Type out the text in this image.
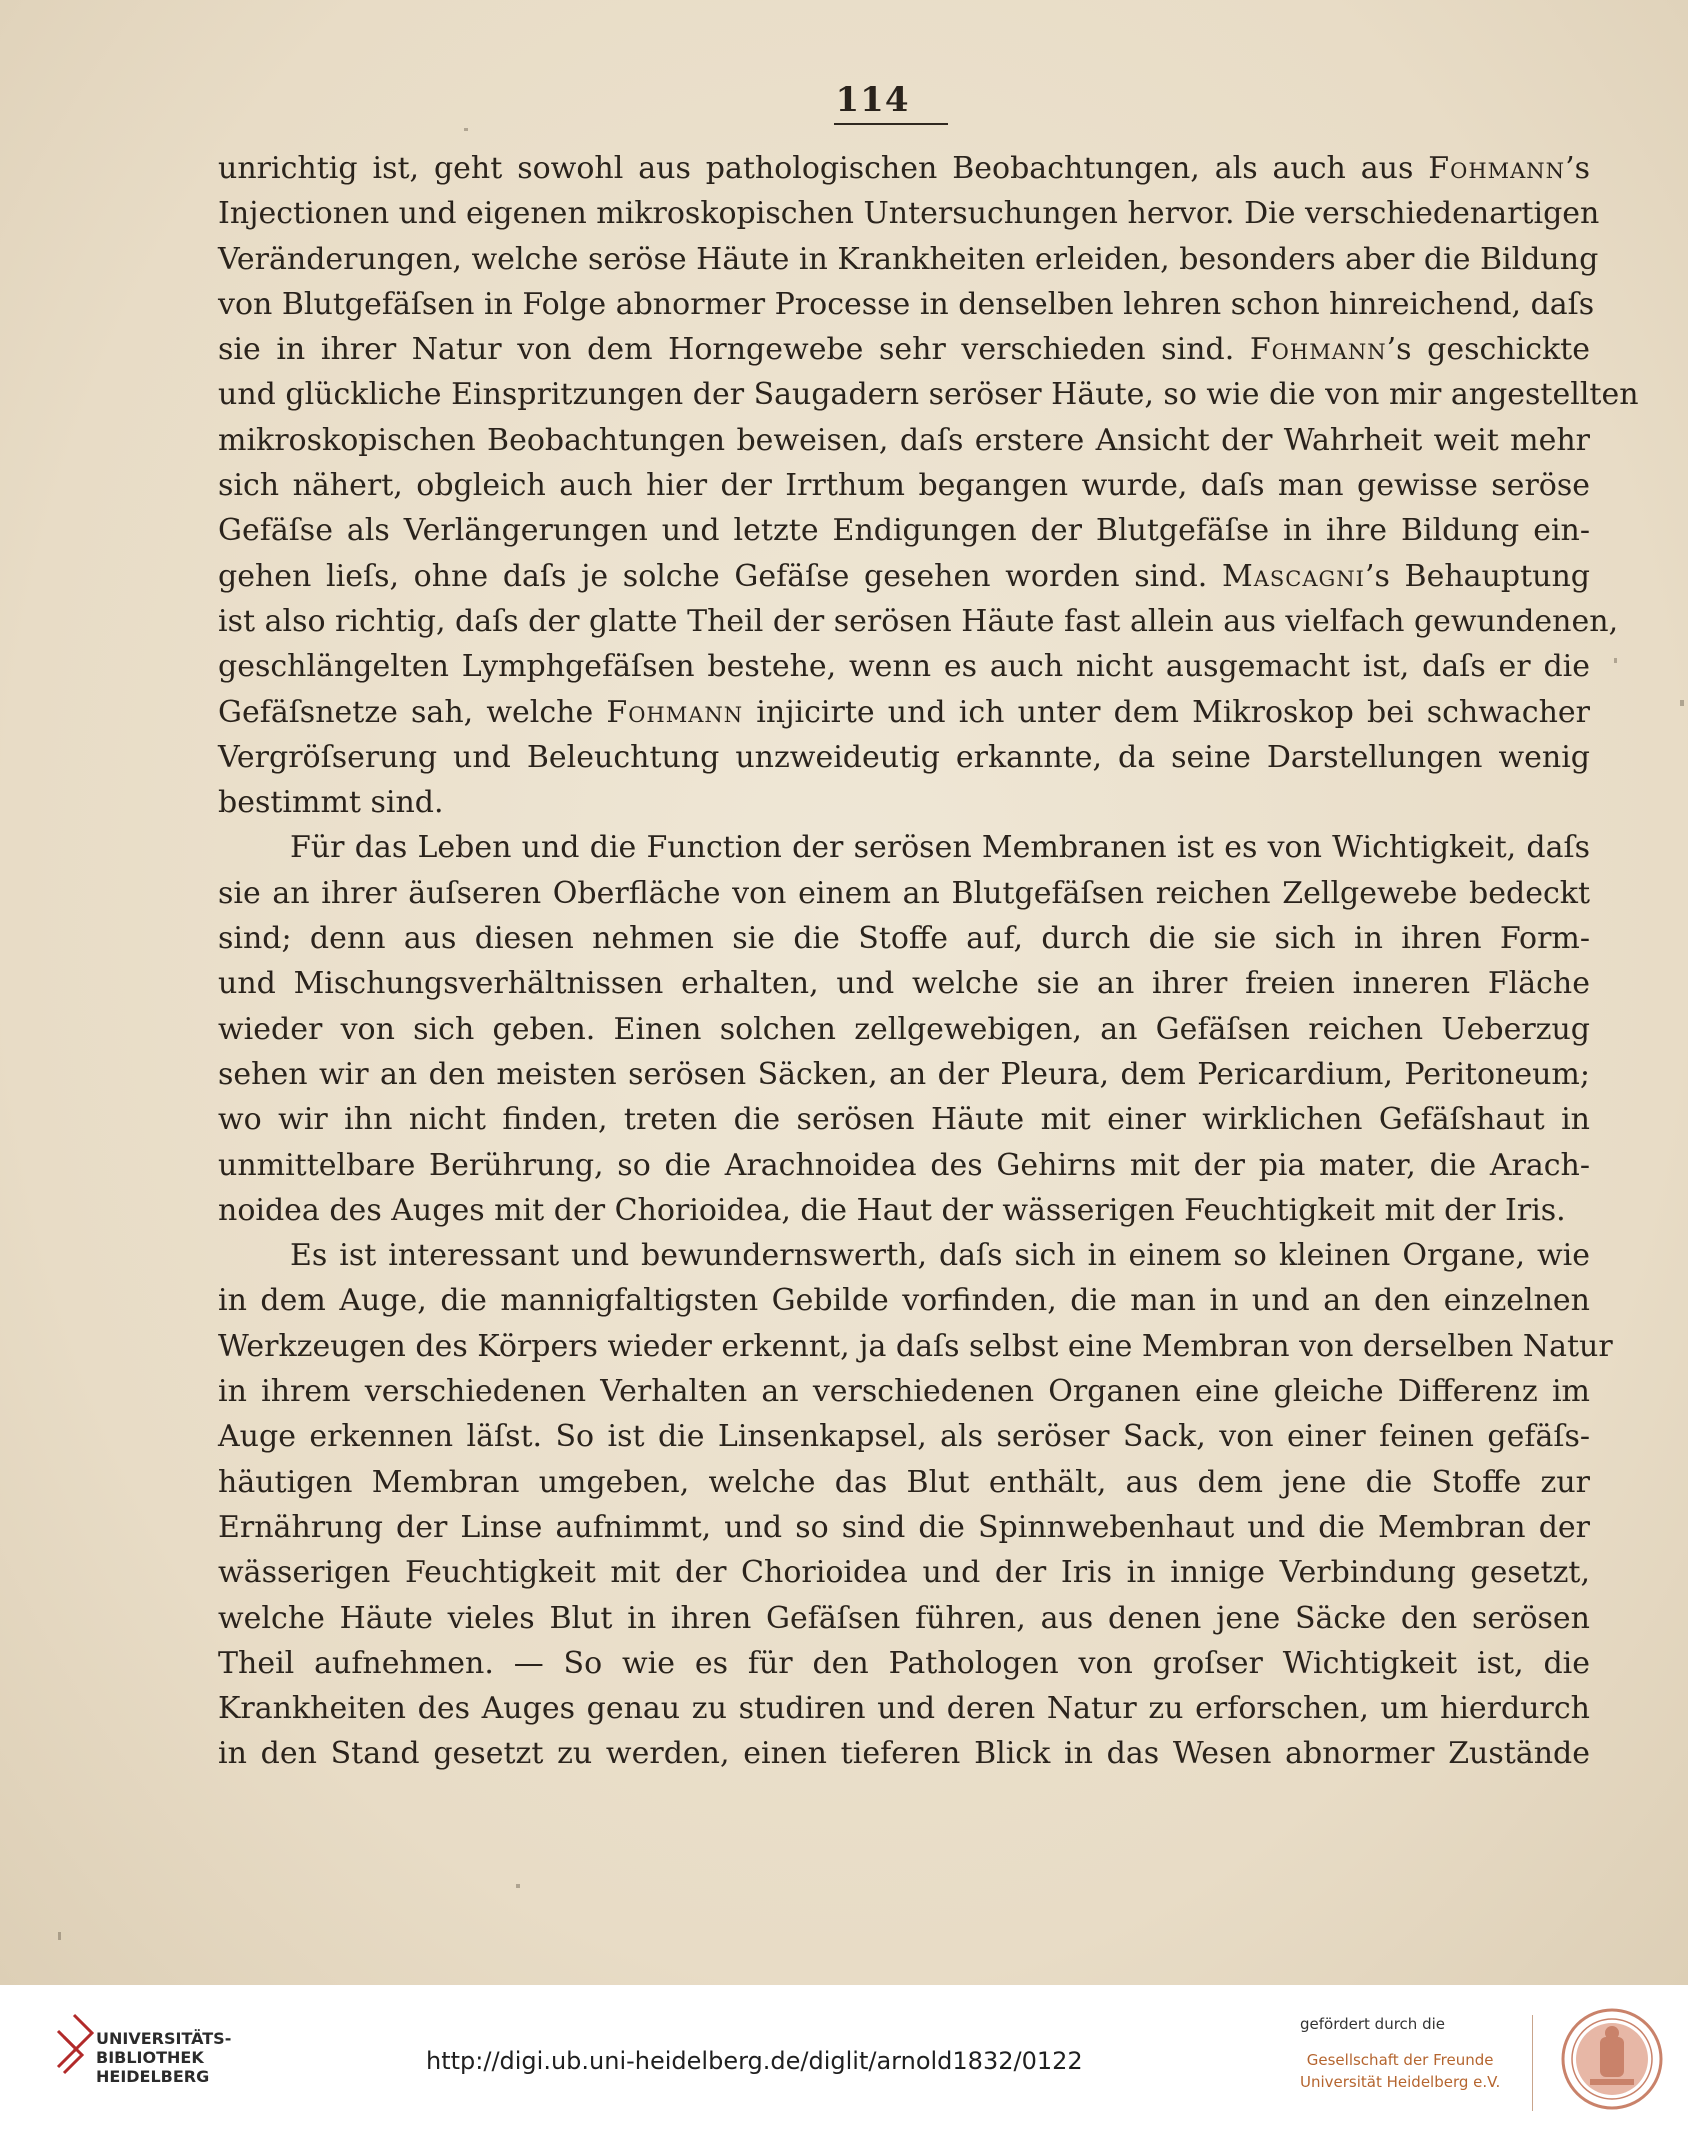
114
unrichtig ist, geht sowohl aus pathologischen Beobachtungen, als auch aus Fohmann’s
Injectionen und eigenen mikroskopischen Untersuchungen hervor. Die verschiedenartigen
Veränderungen, welche seröse Häute in Krankheiten erleiden, besonders aber die Bildung
von Blutgefäſsen in Folge abnormer Processe in denselben lehren schon hinreichend, daſs
sie in ihrer Natur von dem Horngewebe sehr verschieden sind. Fohmann’s geschickte
und glückliche Einspritzungen der Saugadern seröser Häute, so wie die von mir angestellten
mikroskopischen Beobachtungen beweisen, daſs erstere Ansicht der Wahrheit weit mehr
sich nähert, obgleich auch hier der Irrthum begangen wurde, daſs man gewisse seröse
Gefäſse als Verlängerungen und letzte Endigungen der Blutgefäſse in ihre Bildung ein-
gehen lieſs, ohne daſs je solche Gefäſse gesehen worden sind. Mascagni’s Behauptung
ist also richtig, daſs der glatte Theil der serösen Häute fast allein aus vielfach gewundenen,
geschlängelten Lymphgefäſsen bestehe, wenn es auch nicht ausgemacht ist, daſs er die
Gefäſsnetze sah, welche Fohmann injicirte und ich unter dem Mikroskop bei schwacher
Vergröſserung und Beleuchtung unzweideutig erkannte, da seine Darstellungen wenig
bestimmt sind.
Für das Leben und die Function der serösen Membranen ist es von Wichtigkeit, daſs
sie an ihrer äuſseren Oberfläche von einem an Blutgefäſsen reichen Zellgewebe bedeckt
sind; denn aus diesen nehmen sie die Stoffe auf, durch die sie sich in ihren Form-
und Mischungsverhältnissen erhalten, und welche sie an ihrer freien inneren Fläche
wieder von sich geben. Einen solchen zellgewebigen, an Gefäſsen reichen Ueberzug
sehen wir an den meisten serösen Säcken, an der Pleura, dem Pericardium, Peritoneum;
wo wir ihn nicht finden, treten die serösen Häute mit einer wirklichen Gefäſshaut in
unmittelbare Berührung, so die Arachnoidea des Gehirns mit der pia mater, die Arach-
noidea des Auges mit der Chorioidea, die Haut der wässerigen Feuchtigkeit mit der Iris.
Es ist interessant und bewundernswerth, daſs sich in einem so kleinen Organe, wie
in dem Auge, die mannigfaltigsten Gebilde vorfinden, die man in und an den einzelnen
Werkzeugen des Körpers wieder erkennt, ja daſs selbst eine Membran von derselben Natur
in ihrem verschiedenen Verhalten an verschiedenen Organen eine gleiche Differenz im
Auge erkennen läſst. So ist die Linsenkapsel, als seröser Sack, von einer feinen gefäſs-
häutigen Membran umgeben, welche das Blut enthält, aus dem jene die Stoffe zur
Ernährung der Linse aufnimmt, und so sind die Spinnwebenhaut und die Membran der
wässerigen Feuchtigkeit mit der Chorioidea und der Iris in innige Verbindung gesetzt,
welche Häute vieles Blut in ihren Gefäſsen führen, aus denen jene Säcke den serösen
Theil aufnehmen. — So wie es für den Pathologen von groſser Wichtigkeit ist, die
Krankheiten des Auges genau zu studiren und deren Natur zu erforschen, um hierdurch
in den Stand gesetzt zu werden, einen tieferen Blick in das Wesen abnormer Zustände
UNIVERSITÄTS-
BIBLIOTHEK
HEIDELBERG
http://digi.ub.uni-heidelberg.de/diglit/arnold1832/0122
gefördert durch die
Gesellschaft der Freunde
Universität Heidelberg e.V.
